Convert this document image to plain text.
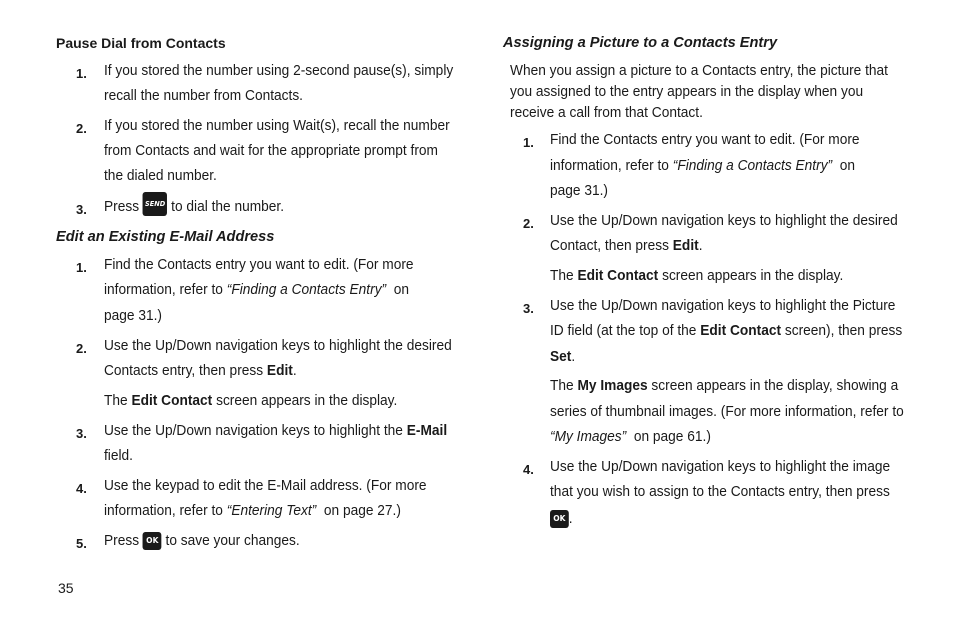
Pause Dial from Contacts
1. If you stored the number using 2-second pause(s), simply
recall the number from Contacts.
2. If you stored the number using Wait(s), recall the number
from Contacts and wait for the appropriate prompt from
the dialed number.
3. Press SEND to dial the number.
Edit an Existing E-Mail Address
1. Find the Contacts entry you want to edit. (For more
information, refer to “Finding a Contacts Entry” on
page 31.)
2. Use the Up/Down navigation keys to highlight the desired
Contacts entry, then press Edit.
The Edit Contact screen appears in the display.
3. Use the Up/Down navigation keys to highlight the E-Mail
field.
4. Use the keypad to edit the E-Mail address. (For more
information, refer to “Entering Text” on page 27.)
5. Press OK to save your changes.
Assigning a Picture to a Contacts Entry
When you assign a picture to a Contacts entry, the picture that
you assigned to the entry appears in the display when you
receive a call from that Contact.
1. Find the Contacts entry you want to edit. (For more
information, refer to “Finding a Contacts Entry” on
page 31.)
2. Use the Up/Down navigation keys to highlight the desired
Contact, then press Edit.
The Edit Contact screen appears in the display.
3. Use the Up/Down navigation keys to highlight the Picture
ID field (at the top of the Edit Contact screen), then press
Set.
The My Images screen appears in the display, showing a
series of thumbnail images. (For more information, refer to
“My Images” on page 61.)
4. Use the Up/Down navigation keys to highlight the image
that you wish to assign to the Contacts entry, then press
OK .
35
